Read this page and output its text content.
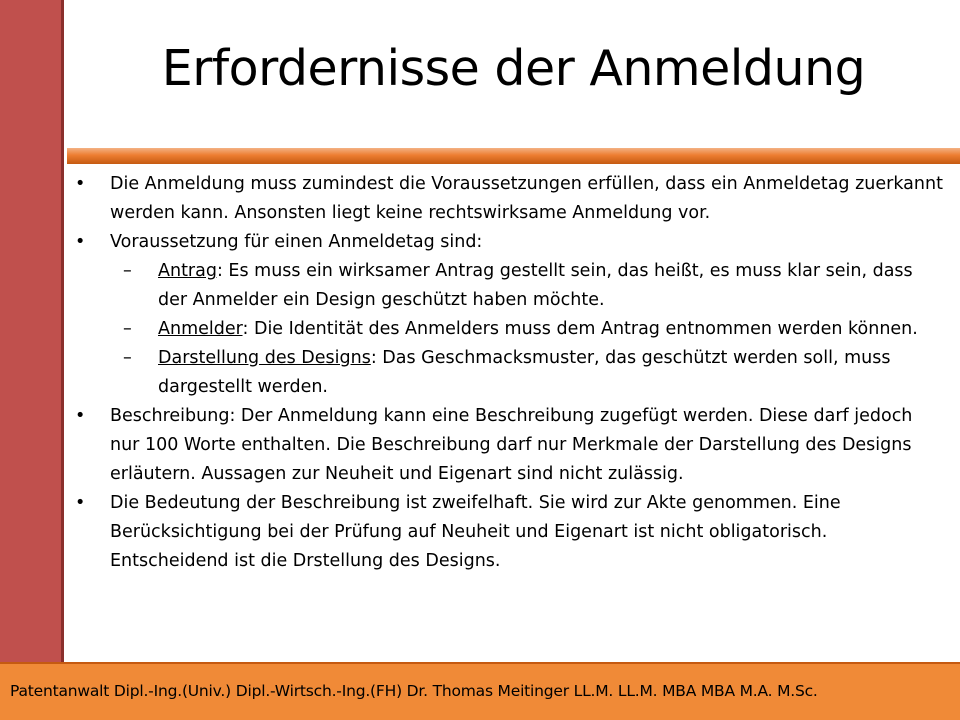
Erfordernisse der Anmeldung
• Die Anmeldung muss zumindest die Voraussetzungen erfüllen, dass ein Anmeldetag zuerkannt werden kann. Ansonsten liegt keine rechtswirksame Anmeldung vor.
• Voraussetzung für einen Anmeldetag sind:
– Antrag: Es muss ein wirksamer Antrag gestellt sein, das heißt, es muss klar sein, dass der Anmelder ein Design geschützt haben möchte.
– Anmelder: Die Identität des Anmelders muss dem Antrag entnommen werden können.
– Darstellung des Designs: Das Geschmacksmuster, das geschützt werden soll, muss dargestellt werden.
• Beschreibung: Der Anmeldung kann eine Beschreibung zugefügt werden. Diese darf jedoch nur 100 Worte enthalten. Die Beschreibung darf nur Merkmale der Darstellung des Designs erläutern. Aussagen zur Neuheit und Eigenart sind nicht zulässig.
• Die Bedeutung der Beschreibung ist zweifelhaft. Sie wird zur Akte genommen. Eine Berücksichtigung bei der Prüfung auf Neuheit und Eigenart ist nicht obligatorisch. Entscheidend ist die Drstellung des Designs.
Patentanwalt Dipl.-Ing.(Univ.) Dipl.-Wirtsch.-Ing.(FH) Dr. Thomas Meitinger LL.M. LL.M. MBA MBA M.A. M.Sc.
